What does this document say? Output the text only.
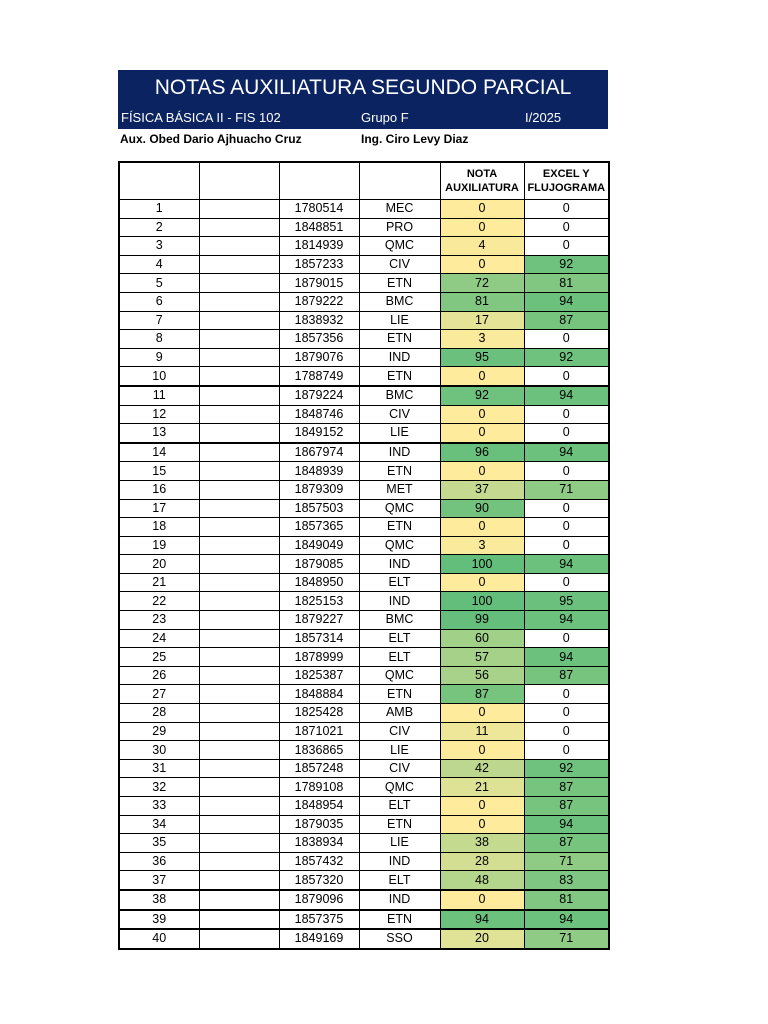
NOTAS AUXILIATURA SEGUNDO PARCIAL
FÍSICA BÁSICA II - FIS 102	Grupo F	I/2025
Aux. Obed Dario Ajhuacho Cruz	Ing. Ciro Levy Diaz
				NOTA AUXILIATURA	EXCEL Y FLUJOGRAMA
1		1780514	MEC	0	0
2		1848851	PRO	0	0
3		1814939	QMC	4	0
4		1857233	CIV	0	92
5		1879015	ETN	72	81
6		1879222	BMC	81	94
7		1838932	LIE	17	87
8		1857356	ETN	3	0
9		1879076	IND	95	92
10		1788749	ETN	0	0
11		1879224	BMC	92	94
12		1848746	CIV	0	0
13		1849152	LIE	0	0
14		1867974	IND	96	94
15		1848939	ETN	0	0
16		1879309	MET	37	71
17		1857503	QMC	90	0
18		1857365	ETN	0	0
19		1849049	QMC	3	0
20		1879085	IND	100	94
21		1848950	ELT	0	0
22		1825153	IND	100	95
23		1879227	BMC	99	94
24		1857314	ELT	60	0
25		1878999	ELT	57	94
26		1825387	QMC	56	87
27		1848884	ETN	87	0
28		1825428	AMB	0	0
29		1871021	CIV	11	0
30		1836865	LIE	0	0
31		1857248	CIV	42	92
32		1789108	QMC	21	87
33		1848954	ELT	0	87
34		1879035	ETN	0	94
35		1838934	LIE	38	87
36		1857432	IND	28	71
37		1857320	ELT	48	83
38		1879096	IND	0	81
39		1857375	ETN	94	94
40		1849169	SSO	20	71
